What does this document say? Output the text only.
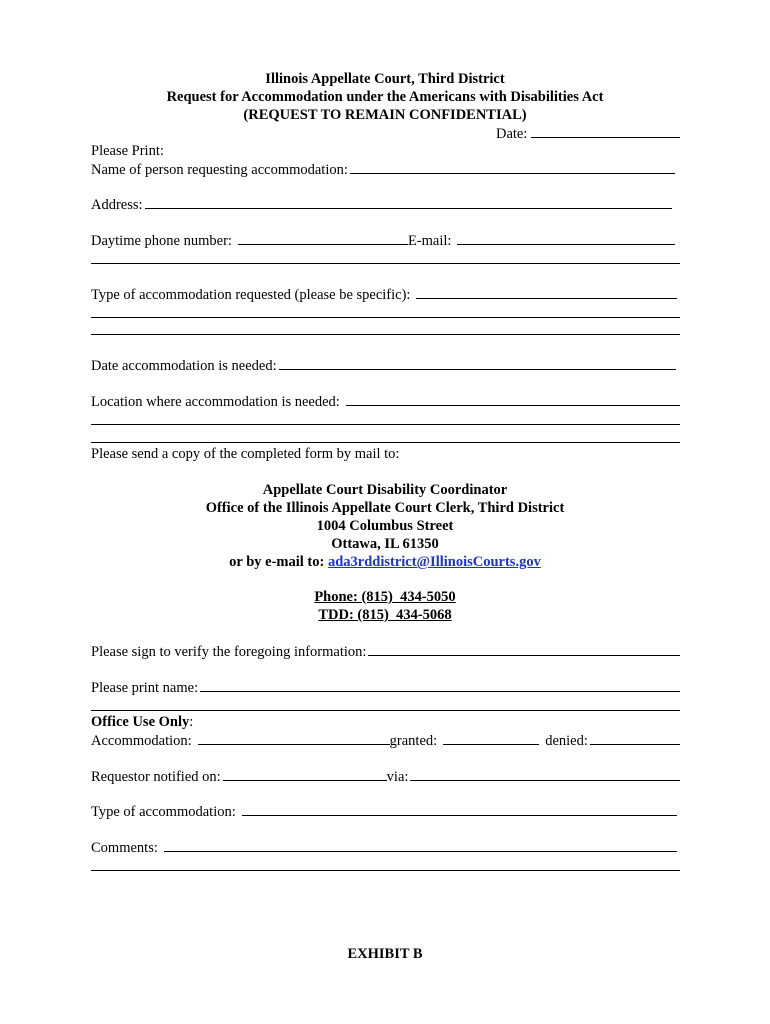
Illinois Appellate Court, Third District
Request for Accommodation under the Americans with Disabilities Act
(REQUEST TO REMAIN CONFIDENTIAL)
Date:
Please Print:
Name of person requesting accommodation:
Address:
Daytime phone number:	E-mail:
Type of accommodation requested (please be specific):
Date accommodation is needed:
Location where accommodation is needed:
Please send a copy of the completed form by mail to:
Appellate Court Disability Coordinator
Office of the Illinois Appellate Court Clerk, Third District
1004 Columbus Street
Ottawa, IL 61350
or by e-mail to: ada3rddistrict@IllinoisCourts.gov
Phone: (815)_434-5050
TDD: (815)_434-5068
Please sign to verify the foregoing information:
Please print name:
Office Use Only:
Accommodation:	granted:	denied:
Requestor notified on:	via:
Type of accommodation:
Comments:
EXHIBIT B
